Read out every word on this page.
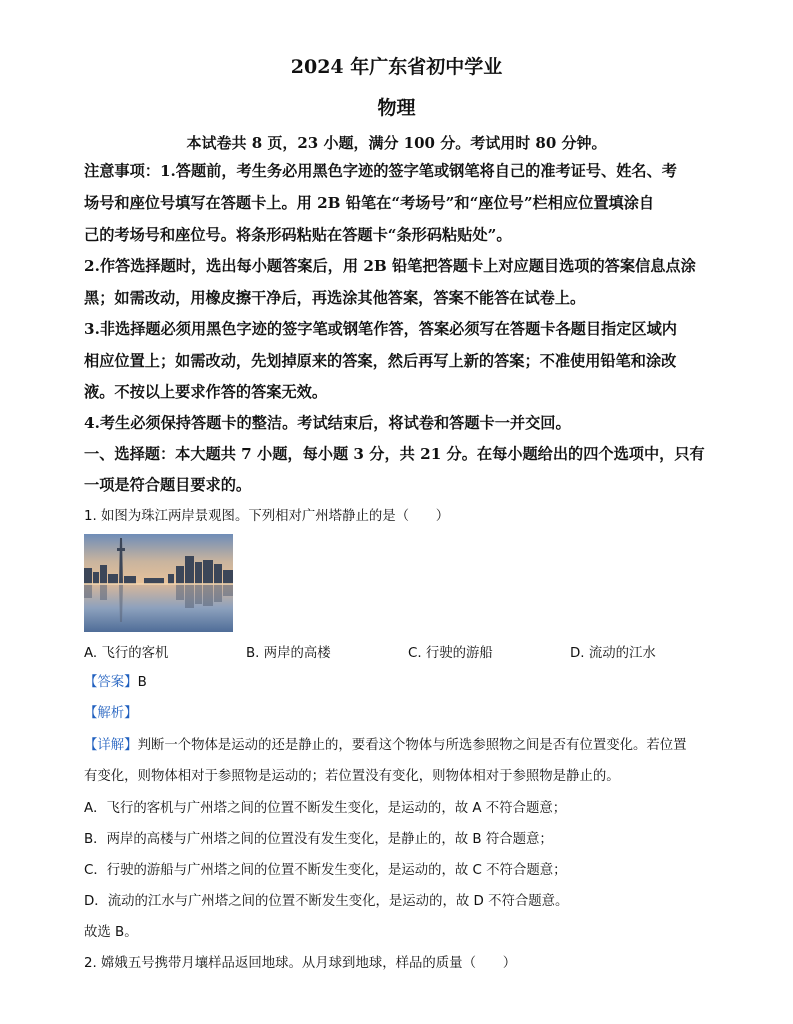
2024 年广东省初中学业
物理
本试卷共 8 页，23 小题，满分 100 分。考试用时 80 分钟。
注意事项：1.答题前，考生务必用黑色字迹的签字笔或钢笔将自己的准考证号、姓名、考
场号和座位号填写在答题卡上。用 2B 铅笔在“考场号”和“座位号”栏相应位置填涂自
己的考场号和座位号。将条形码粘贴在答题卡“条形码粘贴处”。
2.作答选择题时，选出每小题答案后，用 2B 铅笔把答题卡上对应题目选项的答案信息点涂
黑；如需改动，用橡皮擦干净后，再选涂其他答案，答案不能答在试卷上。
3.非选择题必须用黑色字迹的签字笔或钢笔作答，答案必须写在答题卡各题目指定区域内
相应位置上；如需改动，先划掉原来的答案，然后再写上新的答案；不准使用铅笔和涂改
液。不按以上要求作答的答案无效。
4.考生必须保持答题卡的整洁。考试结束后，将试卷和答题卡一并交回。
一、选择题：本大题共 7 小题，每小题 3 分，共 21 分。在每小题给出的四个选项中，只有
一项是符合题目要求的。
1. 如图为珠江两岸景观图。下列相对广州塔静止的是（　　）
A. 飞行的客机	B. 两岸的高楼	C. 行驶的游船	D. 流动的江水
【答案】B
【解析】
【详解】判断一个物体是运动的还是静止的，要看这个物体与所选参照物之间是否有位置变化。若位置
有变化，则物体相对于参照物是运动的；若位置没有变化，则物体相对于参照物是静止的。
A．飞行的客机与广州塔之间的位置不断发生变化，是运动的，故 A 不符合题意；
B．两岸的高楼与广州塔之间的位置没有发生变化，是静止的，故 B 符合题意；
C．行驶的游船与广州塔之间的位置不断发生变化，是运动的，故 C 不符合题意；
D．流动的江水与广州塔之间的位置不断发生变化，是运动的，故 D 不符合题意。
故选 B。
2. 嫦娥五号携带月壤样品返回地球。从月球到地球，样品的质量（　　）
